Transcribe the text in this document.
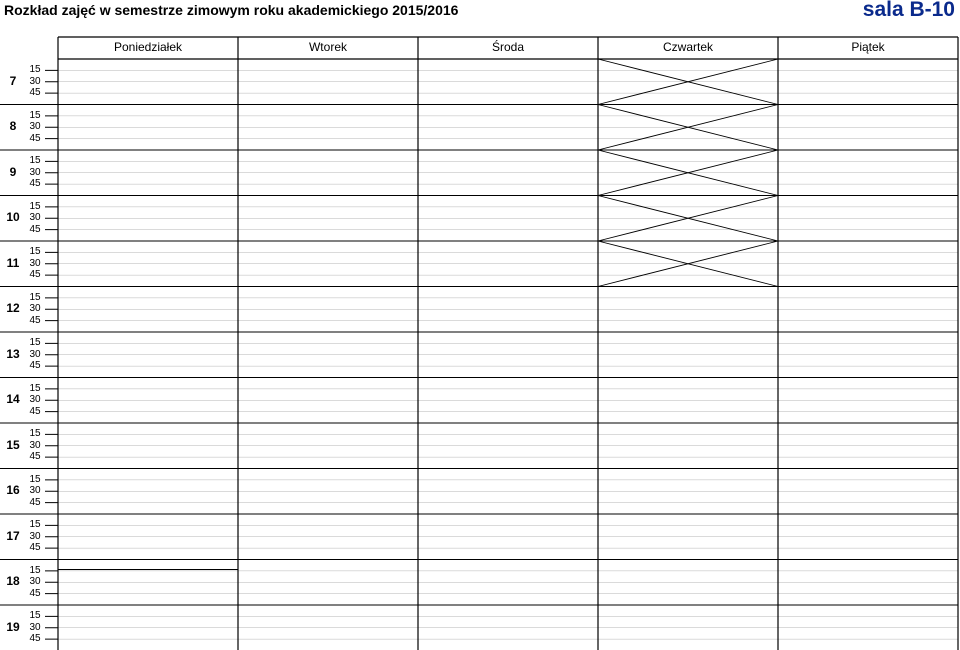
Rozkład zajęć w semestrze zimowym roku akademickiego 2015/2016	sala B-10
Poniedziałek	Wtorek	Środa	Czwartek	Piątek
7
15
30
45
8
15
30
45
9
15
30
45
10
15
30
45
11
15
30
45
12
15
30
45
13
15
30
45
14
15
30
45
15
15
30
45
16
15
30
45
17
15
30
45
18
15
30
45
19
15
30
45
